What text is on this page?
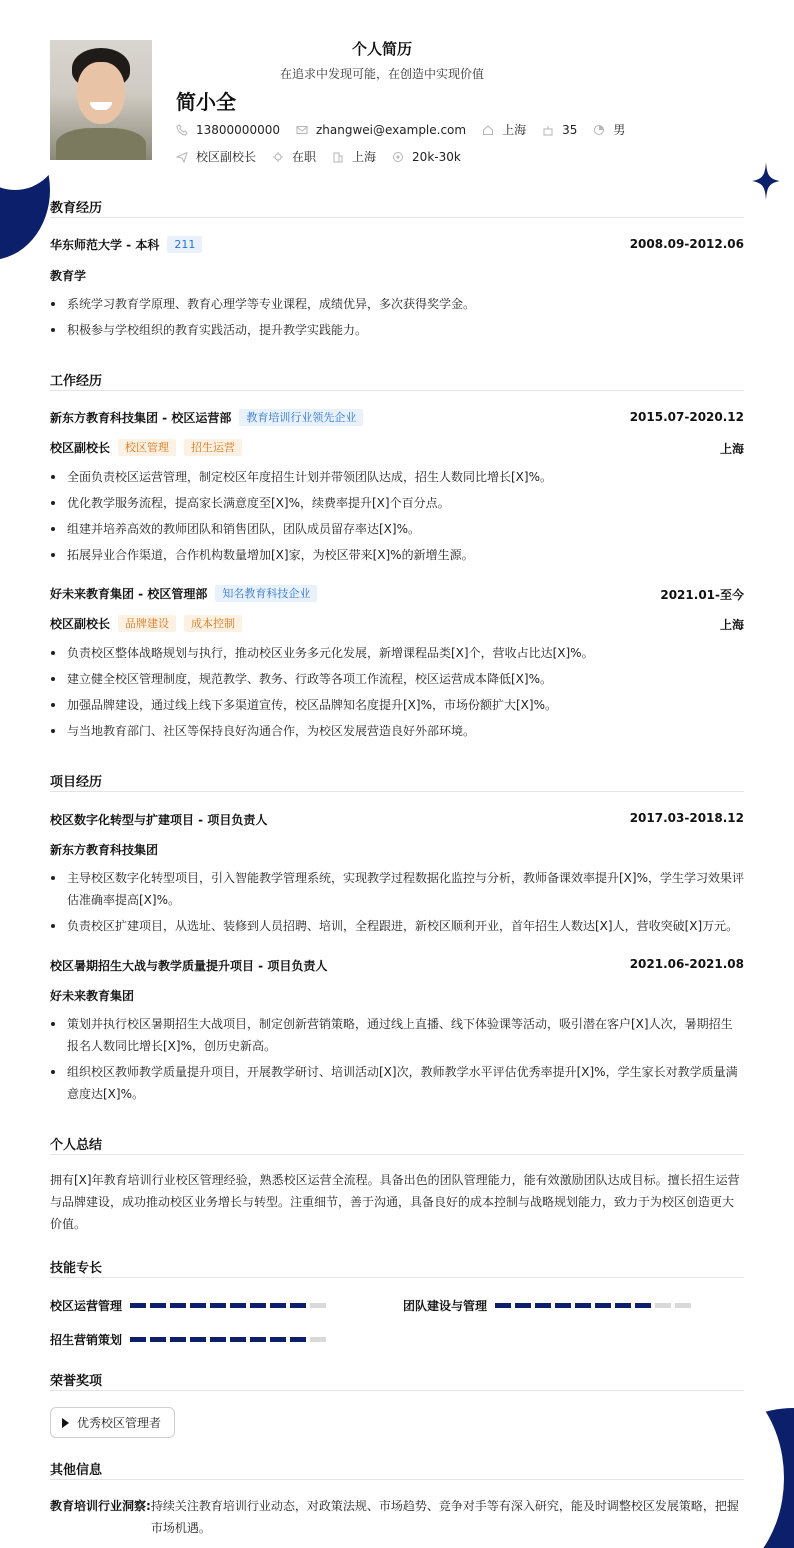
个人简历
在追求中发现可能，在创造中实现价值
简小全
13800000000	zhangwei@example.com	上海	35	男
校区副校长	在职	上海	20k-30k
教育经历
华东师范大学 - 本科	211	2008.09-2012.06
教育学
系统学习教育学原理、教育心理学等专业课程，成绩优异，多次获得奖学金。
积极参与学校组织的教育实践活动，提升教学实践能力。
工作经历
新东方教育科技集团 - 校区运营部	教育培训行业领先企业	2015.07-2020.12
校区副校长	校区管理	招生运营	上海
全面负责校区运营管理，制定校区年度招生计划并带领团队达成，招生人数同比增长[X]%。
优化教学服务流程，提高家长满意度至[X]%，续费率提升[X]个百分点。
组建并培养高效的教师团队和销售团队，团队成员留存率达[X]%。
拓展异业合作渠道，合作机构数量增加[X]家，为校区带来[X]%的新增生源。
好未来教育集团 - 校区管理部	知名教育科技企业	2021.01-至今
校区副校长	品牌建设	成本控制	上海
负责校区整体战略规划与执行，推动校区业务多元化发展，新增课程品类[X]个，营收占比达[X]%。
建立健全校区管理制度，规范教学、教务、行政等各项工作流程，校区运营成本降低[X]%。
加强品牌建设，通过线上线下多渠道宣传，校区品牌知名度提升[X]%，市场份额扩大[X]%。
与当地教育部门、社区等保持良好沟通合作，为校区发展营造良好外部环境。
项目经历
校区数字化转型与扩建项目 - 项目负责人	2017.03-2018.12
新东方教育科技集团
主导校区数字化转型项目，引入智能教学管理系统，实现教学过程数据化监控与分析，教师备课效率提升[X]%，学生学习效果评估准确率提高[X]%。
负责校区扩建项目，从选址、装修到人员招聘、培训，全程跟进，新校区顺利开业，首年招生人数达[X]人，营收突破[X]万元。
校区暑期招生大战与教学质量提升项目 - 项目负责人	2021.06-2021.08
好未来教育集团
策划并执行校区暑期招生大战项目，制定创新营销策略，通过线上直播、线下体验课等活动，吸引潜在客户[X]人次，暑期招生报名人数同比增长[X]%，创历史新高。
组织校区教师教学质量提升项目，开展教学研讨、培训活动[X]次，教师教学水平评估优秀率提升[X]%，学生家长对教学质量满意度达[X]%。
个人总结
拥有[X]年教育培训行业校区管理经验，熟悉校区运营全流程。具备出色的团队管理能力，能有效激励团队达成目标。擅长招生运营与品牌建设，成功推动校区业务增长与转型。注重细节，善于沟通，具备良好的成本控制与战略规划能力，致力于为校区创造更大价值。
技能专长
校区运营管理	团队建设与管理
招生营销策划
荣誉奖项
优秀校区管理者
其他信息
教育培训行业洞察: 持续关注教育培训行业动态，对政策法规、市场趋势、竞争对手等有深入研究，能及时调整校区发展策略，把握市场机遇。
